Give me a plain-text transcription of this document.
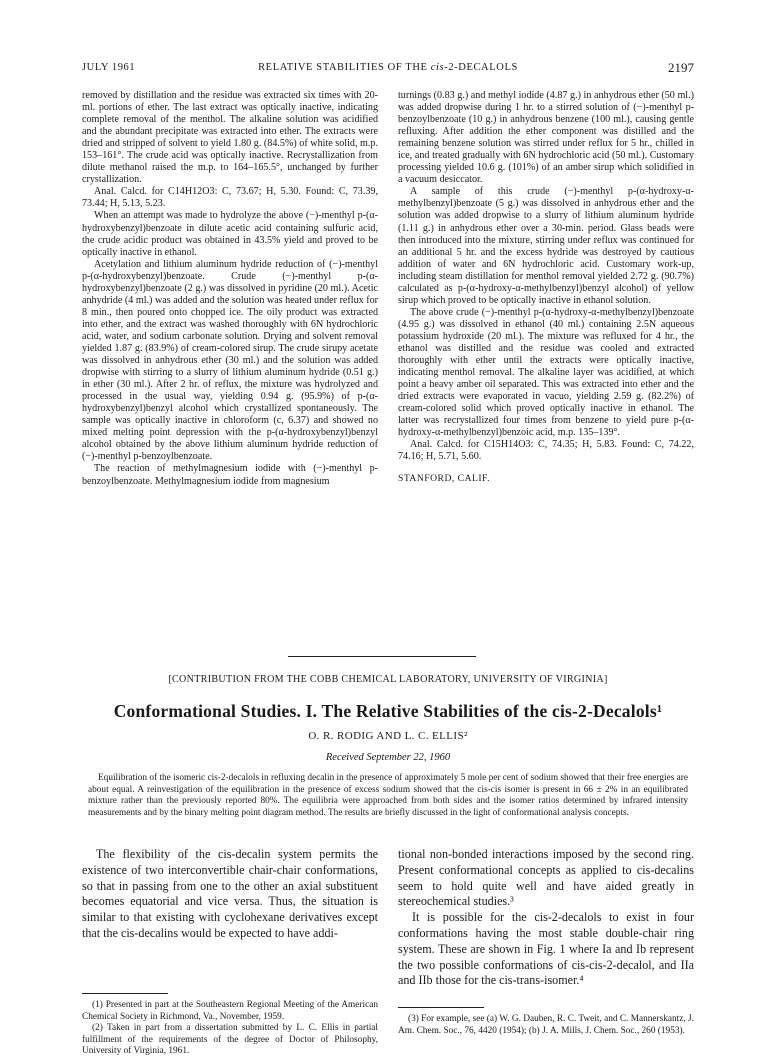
JULY 1961	RELATIVE STABILITIES OF THE cis-2-DECALOLS	2197

removed by distillation and the residue was extracted six times with 20-ml. portions of ether. The last extract was optically inactive, indicating complete removal of the menthol. The alkaline solution was acidified and the abundant precipitate was extracted into ether. The extracts were dried and stripped of solvent to yield 1.80 g. (84.5%) of white solid, m.p. 153–161°. The crude acid was optically inactive. Recrystallization from dilute methanol raised the m.p. to 164–165.5°, unchanged by further crystallization.

Anal. Calcd. for C14H12O3: C, 73.67; H, 5.30. Found: C, 73.39, 73.44; H, 5.13, 5.23.

When an attempt was made to hydrolyze the above (−)-menthyl p-(α-hydroxybenzyl)benzoate in dilute acetic acid containing sulfuric acid, the crude acidic product was obtained in 43.5% yield and proved to be optically inactive in ethanol.

Acetylation and lithium aluminum hydride reduction of (−)-menthyl p-(α-hydroxybenzyl)benzoate. Crude (−)-menthyl p-(α-hydroxybenzyl)benzoate (2 g.) was dissolved in pyridine (20 ml.). Acetic anhydride (4 ml.) was added and the solution was heated under reflux for 8 min., then poured onto chopped ice. The oily product was extracted into ether, and the extract was washed thoroughly with 6N hydrochloric acid, water, and sodium carbonate solution. Drying and solvent removal yielded 1.87 g. (83.9%) of cream-colored sirup. The crude sirupy acetate was dissolved in anhydrous ether (30 ml.) and the solution was added dropwise with stirring to a slurry of lithium aluminum hydride (0.51 g.) in ether (30 ml.). After 2 hr. of reflux, the mixture was hydrolyzed and processed in the usual way, yielding 0.94 g. (95.9%) of p-(α-hydroxybenzyl)benzyl alcohol which crystallized spontaneously. The sample was optically inactive in chloroform (c, 6.37) and showed no mixed melting point depression with the p-(α-hydroxybenzyl)benzyl alcohol obtained by the above lithium aluminum hydride reduction of (−)-menthyl p-benzoylbenzoate.

The reaction of methylmagnesium iodide with (−)-menthyl p-benzoylbenzoate. Methylmagnesium iodide from magnesium

turnings (0.83 g.) and methyl iodide (4.87 g.) in anhydrous ether (50 ml.) was added dropwise during 1 hr. to a stirred solution of (−)-menthyl p-benzoylbenzoate (10 g.) in anhydrous benzene (100 ml.), causing gentle refluxing. After addition the ether component was distilled and the remaining benzene solution was stirred under reflux for 5 hr., chilled in ice, and treated gradually with 6N hydrochloric acid (50 ml.). Customary processing yielded 10.6 g. (101%) of an amber sirup which solidified in a vacuum desiccator.

A sample of this crude (−)-menthyl p-(α-hydroxy-α-methylbenzyl)benzoate (5 g.) was dissolved in anhydrous ether and the solution was added dropwise to a slurry of lithium aluminum hydride (1.11 g.) in anhydrous ether over a 30-min. period. Glass beads were then introduced into the mixture, stirring under reflux was continued for an additional 5 hr. and the excess hydride was destroyed by cautious addition of water and 6N hydrochloric acid. Customary work-up, including steam distillation for menthol removal yielded 2.72 g. (90.7%) calculated as p-(α-hydroxy-α-methylbenzyl)benzyl alcohol) of yellow sirup which proved to be optically inactive in ethanol solution.

The above crude (−)-menthyl p-(α-hydroxy-α-methylbenzyl)benzoate (4.95 g.) was dissolved in ethanol (40 ml.) containing 2.5N aqueous potassium hydroxide (20 ml.). The mixture was refluxed for 4 hr., the ethanol was distilled and the residue was cooled and extracted thoroughly with ether until the extracts were optically inactive, indicating menthol removal. The alkaline layer was acidified, at which point a heavy amber oil separated. This was extracted into ether and the dried extracts were evaporated in vacuo, yielding 2.59 g. (82.2%) of cream-colored solid which proved optically inactive in ethanol. The latter was recrystallized four times from benzene to yield pure p-(α-hydroxy-α-methylbenzyl)benzoic acid, m.p. 135–139°.

Anal. Calcd. for C15H14O3: C, 74.35; H, 5.83. Found: C, 74.22, 74.16; H, 5.71, 5.60.

STANFORD, CALIF.

[CONTRIBUTION FROM THE COBB CHEMICAL LABORATORY, UNIVERSITY OF VIRGINIA]
Conformational Studies. I. The Relative Stabilities of the cis-2-Decalols¹
O. R. RODIG AND L. C. ELLIS²
Received September 22, 1960

Equilibration of the isomeric cis-2-decalols in refluxing decalin in the presence of approximately 5 mole per cent of sodium showed that their free energies are about equal. A reinvestigation of the equilibration in the presence of excess sodium showed that the cis-cis isomer is present in 66 ± 2% in an equilibrated mixture rather than the previously reported 80%. The equilibria were approached from both sides and the isomer ratios determined by infrared intensity measurements and by the binary melting point diagram method. The results are briefly discussed in the light of conformational analysis concepts.

The flexibility of the cis-decalin system permits the existence of two interconvertible chair-chair conformations, so that in passing from one to the other an axial substituent becomes equatorial and vice versa. Thus, the situation is similar to that existing with cyclohexane derivatives except that the cis-decalins would be expected to have addi-

tional non-bonded interactions imposed by the second ring. Present conformational concepts as applied to cis-decalins seem to hold quite well and have aided greatly in stereochemical studies.³

It is possible for the cis-2-decalols to exist in four conformations having the most stable double-chair ring system. These are shown in Fig. 1 where Ia and Ib represent the two possible conformations of cis-cis-2-decalol, and IIa and IIb those for the cis-trans-isomer.⁴

(1) Presented in part at the Southeastern Regional Meeting of the American Chemical Society in Richmond, Va., November, 1959.

(2) Taken in part from a dissertation submitted by L. C. Ellis in partial fulfillment of the requirements of the degree of Doctor of Philosophy, University of Virginia, 1961.

(3) For example, see (a) W. G. Dauben, R. C. Tweit, and C. Mannerskantz, J. Am. Chem. Soc., 76, 4420 (1954); (b) J. A. Mills, J. Chem. Soc., 260 (1953).
